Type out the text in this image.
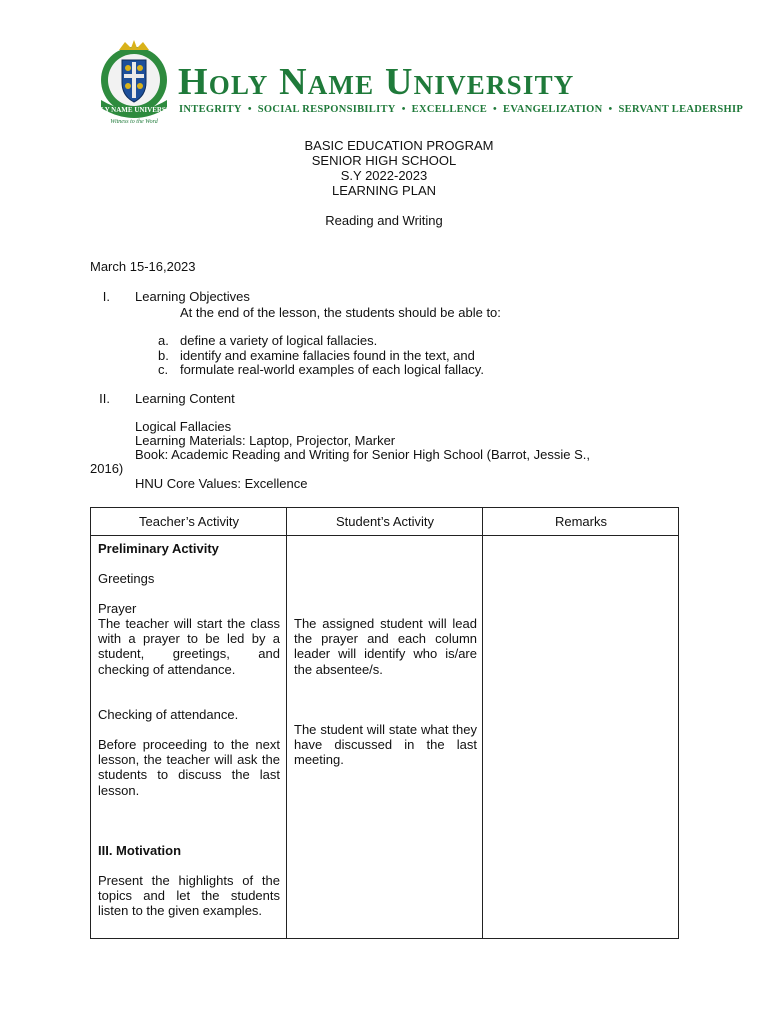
HOLY NAME UNIVERSITY
Witness to the Word
Holy Name University
INTEGRITY • SOCIAL RESPONSIBILITY • EXCELLENCE • EVANGELIZATION • SERVANT LEADERSHIP
BASIC EDUCATION PROGRAM
SENIOR HIGH SCHOOL
S.Y 2022-2023
LEARNING PLAN
Reading and Writing
March 15-16,2023
I. Learning Objectives
At the end of the lesson, the students should be able to:
a. define a variety of logical fallacies.
b. identify and examine fallacies found in the text, and
c. formulate real-world examples of each logical fallacy.
II. Learning Content
Logical Fallacies
Learning Materials: Laptop, Projector, Marker
Book: Academic Reading and Writing for Senior High School (Barrot, Jessie S.,
2016)
HNU Core Values: Excellence
Teacher’s Activity	Student’s Activity	Remarks
Preliminary Activity
Greetings
Prayer
The teacher will start the class with a prayer to be led by a student, greetings, and checking of attendance.
Checking of attendance.
Before proceeding to the next lesson, the teacher will ask the students to discuss the last lesson.
III. Motivation
Present the highlights of the topics and let the students listen to the given examples.
The assigned student will lead the prayer and each column leader will identify who is/are the absentee/s.
The student will state what they have discussed in the last meeting.
